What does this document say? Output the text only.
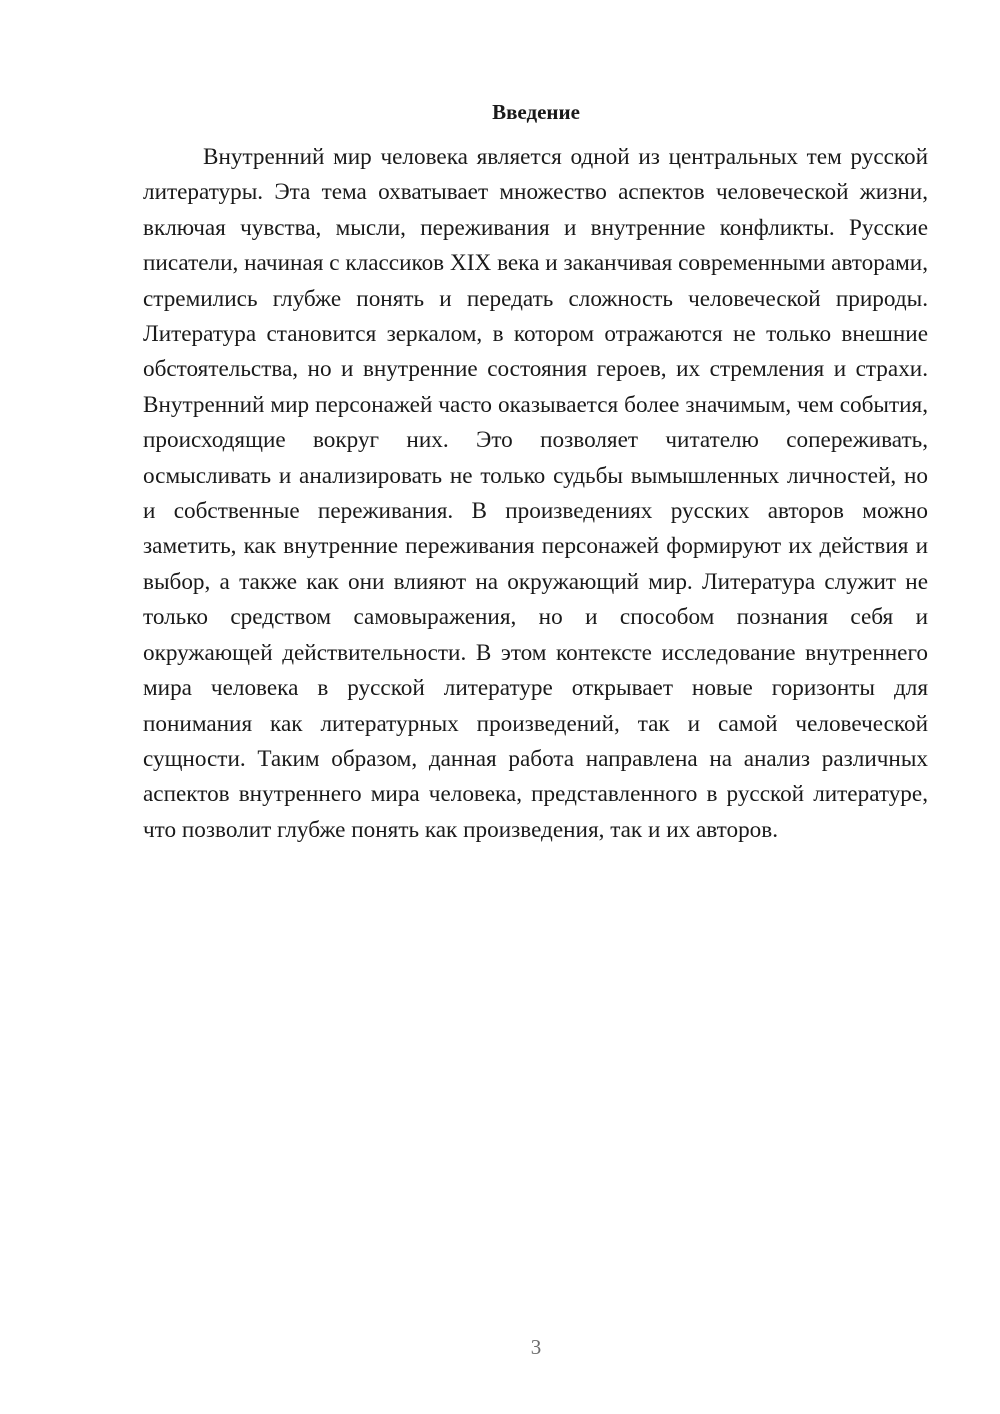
Введение

Внутренний мир человека является одной из центральных тем русской литературы. Эта тема охватывает множество аспектов человеческой жизни, включая чувства, мысли, переживания и внутренние конфликты. Русские писатели, начиная с классиков XIX века и заканчивая современными авторами, стремились глубже понять и передать сложность человеческой природы. Литература становится зеркалом, в котором отражаются не только внешние обстоятельства, но и внутренние состояния героев, их стремления и страхи. Внутренний мир персонажей часто оказывается более значимым, чем события, происходящие вокруг них. Это позволяет читателю сопереживать, осмысливать и анализировать не только судьбы вымышленных личностей, но и собственные переживания. В произведениях русских авторов можно заметить, как внутренние переживания персонажей формируют их действия и выбор, а также как они влияют на окружающий мир. Литература служит не только средством самовыражения, но и способом познания себя и окружающей действительности. В этом контексте исследование внутреннего мира человека в русской литературе открывает новые горизонты для понимания как литературных произведений, так и самой человеческой сущности. Таким образом, данная работа направлена на анализ различных аспектов внутреннего мира человека, представленного в русской литературе, что позволит глубже понять как произведения, так и их авторов.

3
